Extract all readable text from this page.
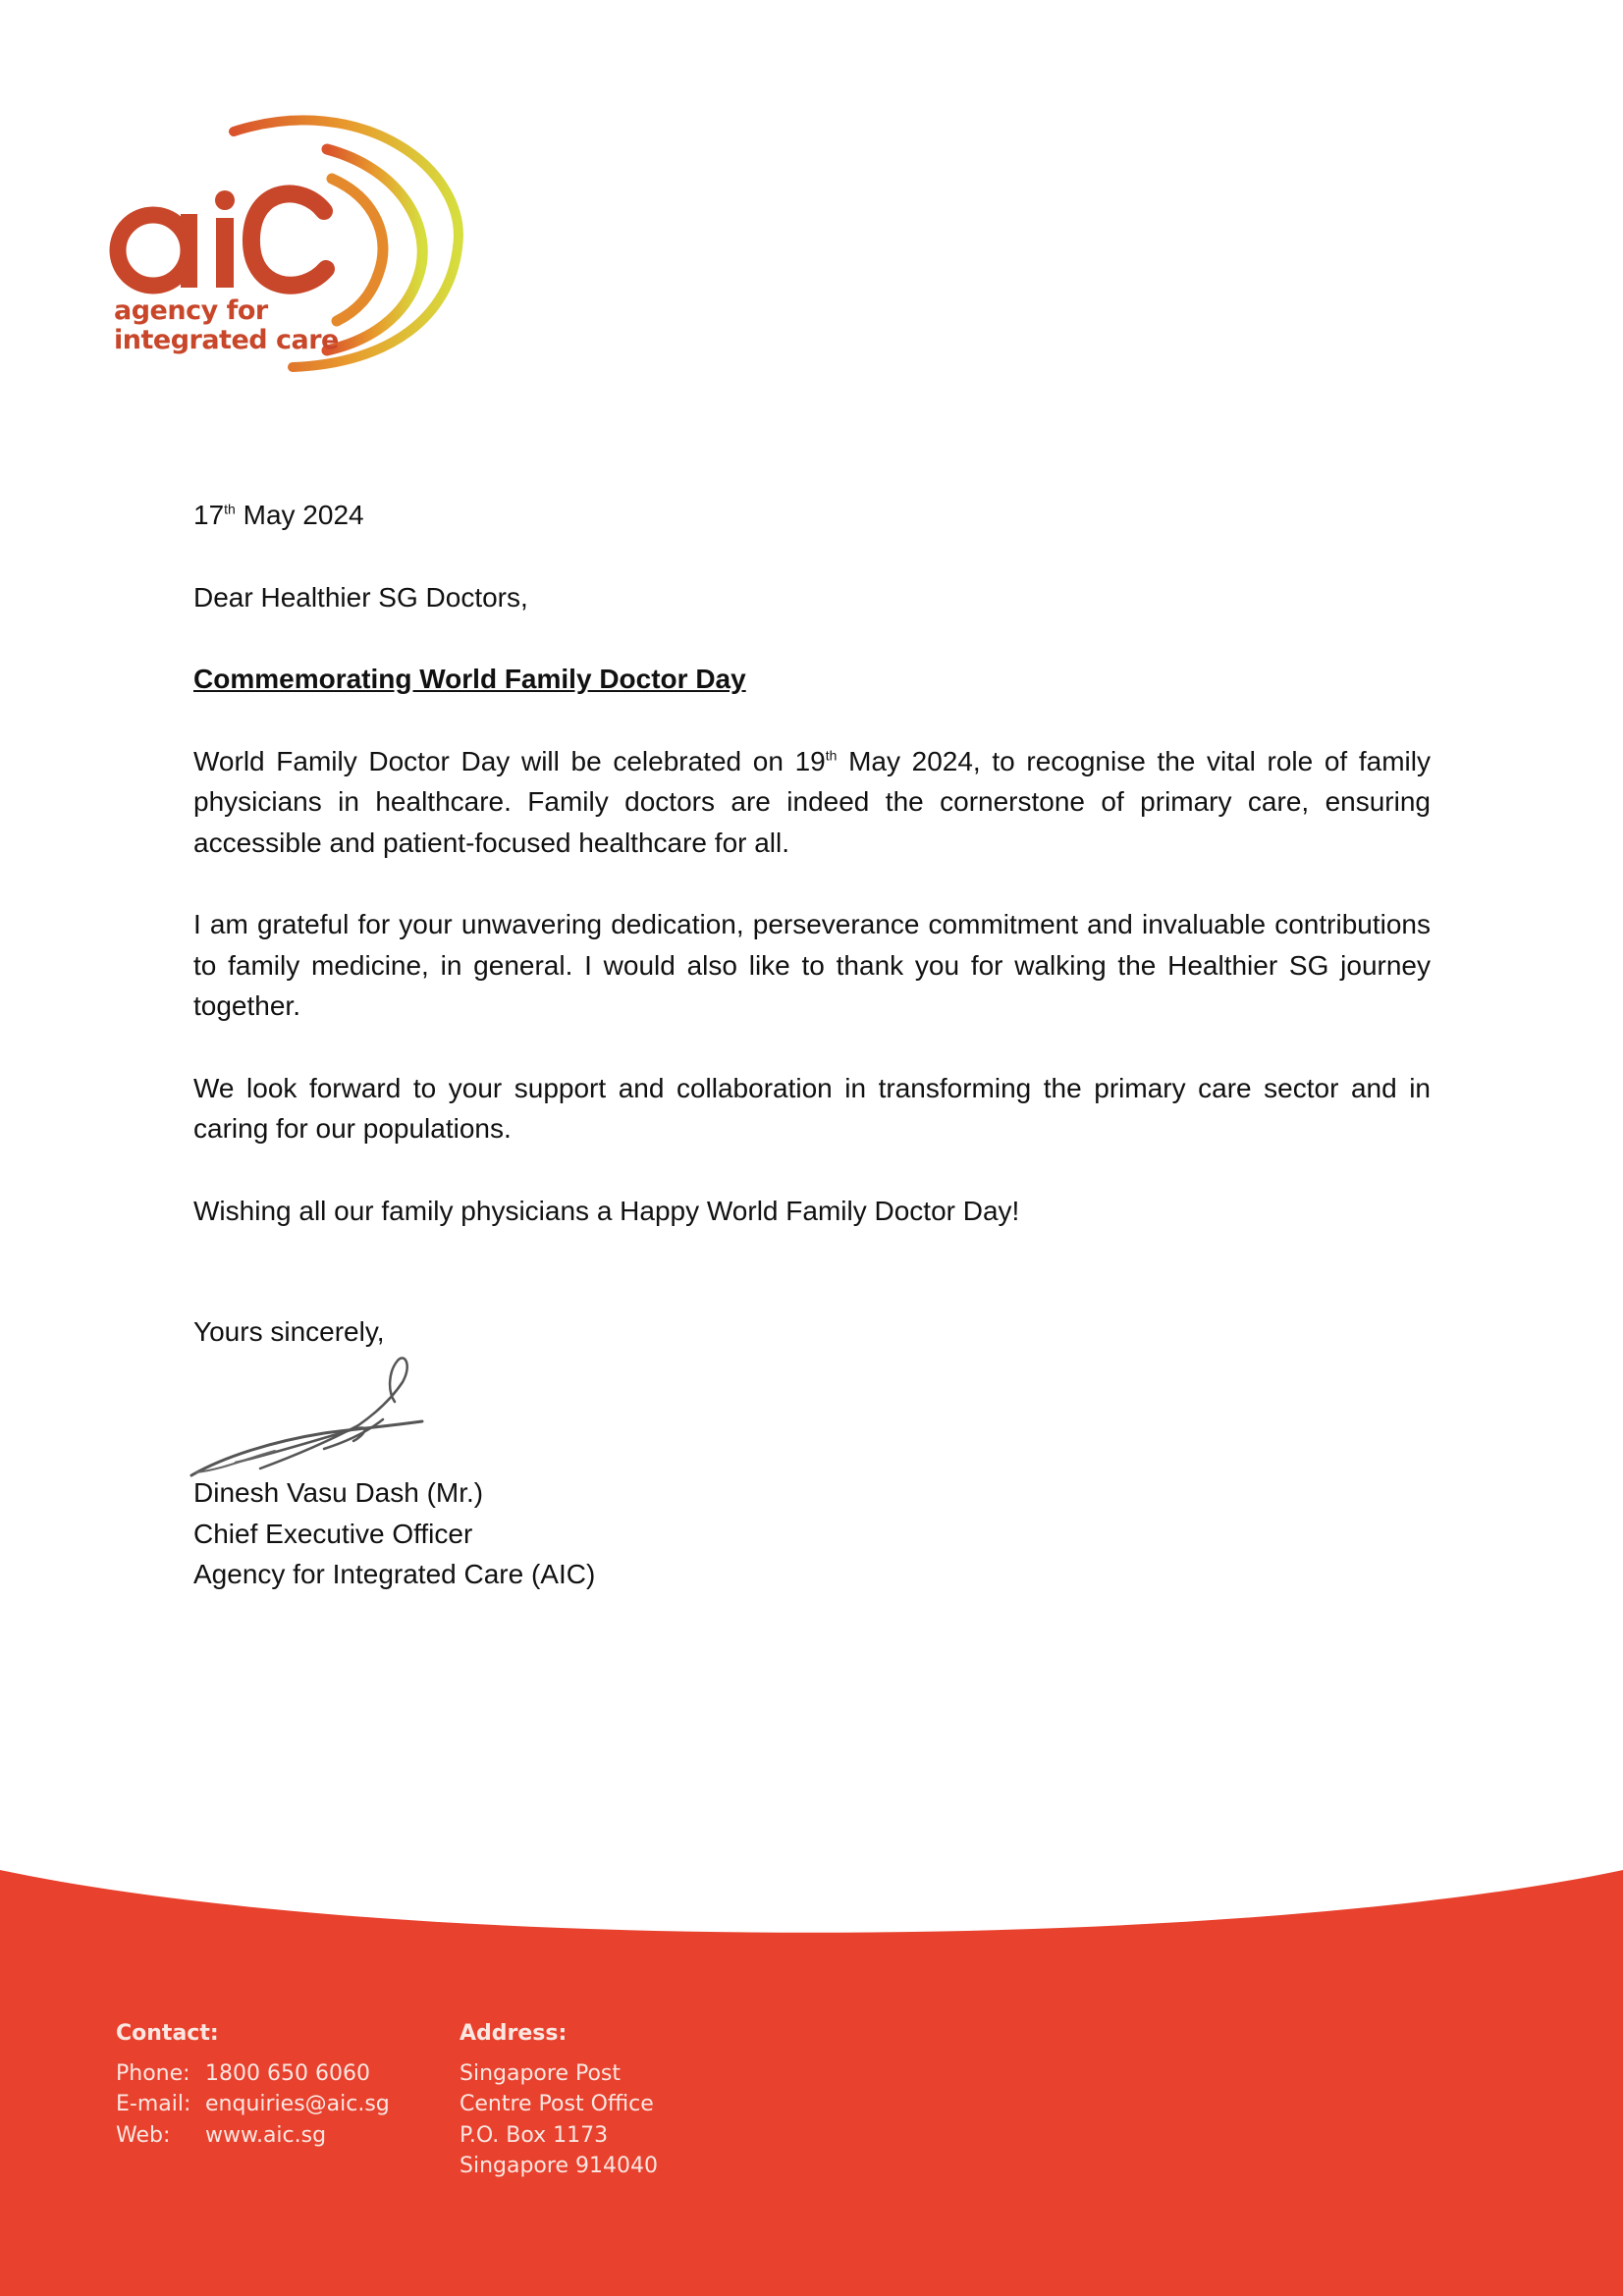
agency for
integrated care

17th May 2024

Dear Healthier SG Doctors,

Commemorating World Family Doctor Day

World Family Doctor Day will be celebrated on 19th May 2024, to recognise the vital role of family physicians in healthcare. Family doctors are indeed the cornerstone of primary care, ensuring accessible and patient-focused healthcare for all.

I am grateful for your unwavering dedication, perseverance commitment and invaluable contributions to family medicine, in general. I would also like to thank you for walking the Healthier SG journey together.

We look forward to your support and collaboration in transforming the primary care sector and in caring for our populations.

Wishing all our family physicians a Happy World Family Doctor Day!

Yours sincerely,
Dinesh Vasu Dash (Mr.)
Chief Executive Officer
Agency for Integrated Care (AIC)
Contact:
Phone: 1800 650 6060
E-mail: enquiries@aic.sg
Web:	www.aic.sg
Address:
Singapore Post
Centre Post Office
P.O. Box 1173
Singapore 914040
